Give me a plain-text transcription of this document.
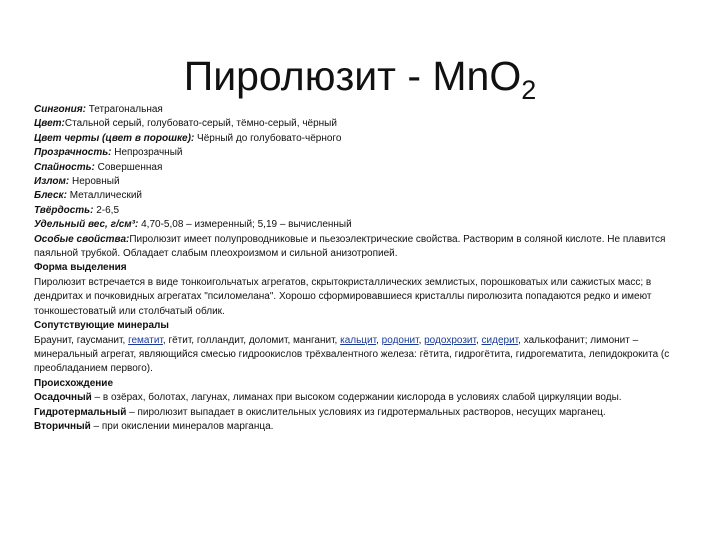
Пиролюзит - MnO$_2$
Сингония: Тетрагональная
Цвет:Стальной серый, голубовато-серый, тёмно-серый, чёрный
Цвет черты (цвет в порошке): Чёрный до голубовато-чёрного
Прозрачность: Непрозрачный
Спайность: Совершенная
Излом: Неровный
Блеск: Металлический
Твёрдость: 2-6,5
Удельный вес, г/см³: 4,70-5,08 – измеренный; 5,19 – вычисленный
Особые свойства:Пиролюзит имеет полупроводниковые и пьезоэлектрические свойства. Растворим в соляной кислоте. Не плавится паяльной трубкой. Обладает слабым плеохроизмом и сильной анизотропией.
Форма выделения
Пиролюзит встречается в виде тонкоигольчатых агрегатов, скрытокристаллических землистых, порошковатых или сажистых масс; в дендритах и почковидных агрегатах "псиломелана". Хорошо сформировавшиеся кристаллы пиролюзита попадаются редко и имеют тонкошестоватый или столбчатый облик.
Сопутствующие минералы
Браунит, гаусманит, гематит, гётит, голландит, доломит, манганит, кальцит, родонит, родохрозит, сидерит, халькофанит; лимонит – минеральный агрегат, являющийся смесью гидроокислов трёхвалентного железа: гётита, гидрогётита, гидрогематита, лепидокрокита (с преобладанием первого).
Происхождение
Осадочный – в озёрах, болотах, лагунах, лиманах при высоком содержании кислорода в условиях слабой циркуляции воды.
Гидротермальный – пиролюзит выпадает в окислительных условиях из гидротермальных растворов, несущих марганец.
Вторичный – при окислении минералов марганца.
